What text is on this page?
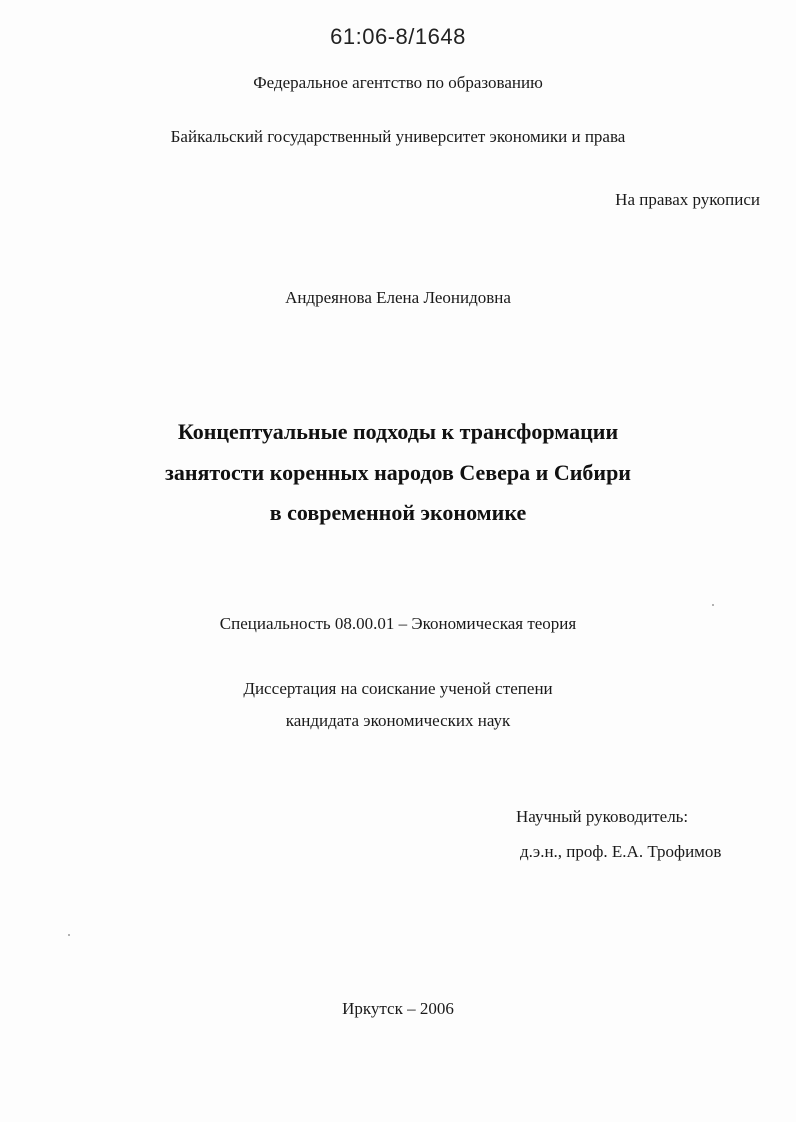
61:06-8/1648
Федеральное агентство по образованию
Байкальский государственный университет экономики и права
На правах рукописи
Андреянова Елена Леонидовна
Концептуальные подходы к трансформации
занятости коренных народов Севера и Сибири
в современной экономике
Специальность 08.00.01 – Экономическая теория
Диссертация на соискание ученой степени
кандидата экономических наук
Научный руководитель:
д.э.н., проф. Е.А. Трофимов
Иркутск – 2006
